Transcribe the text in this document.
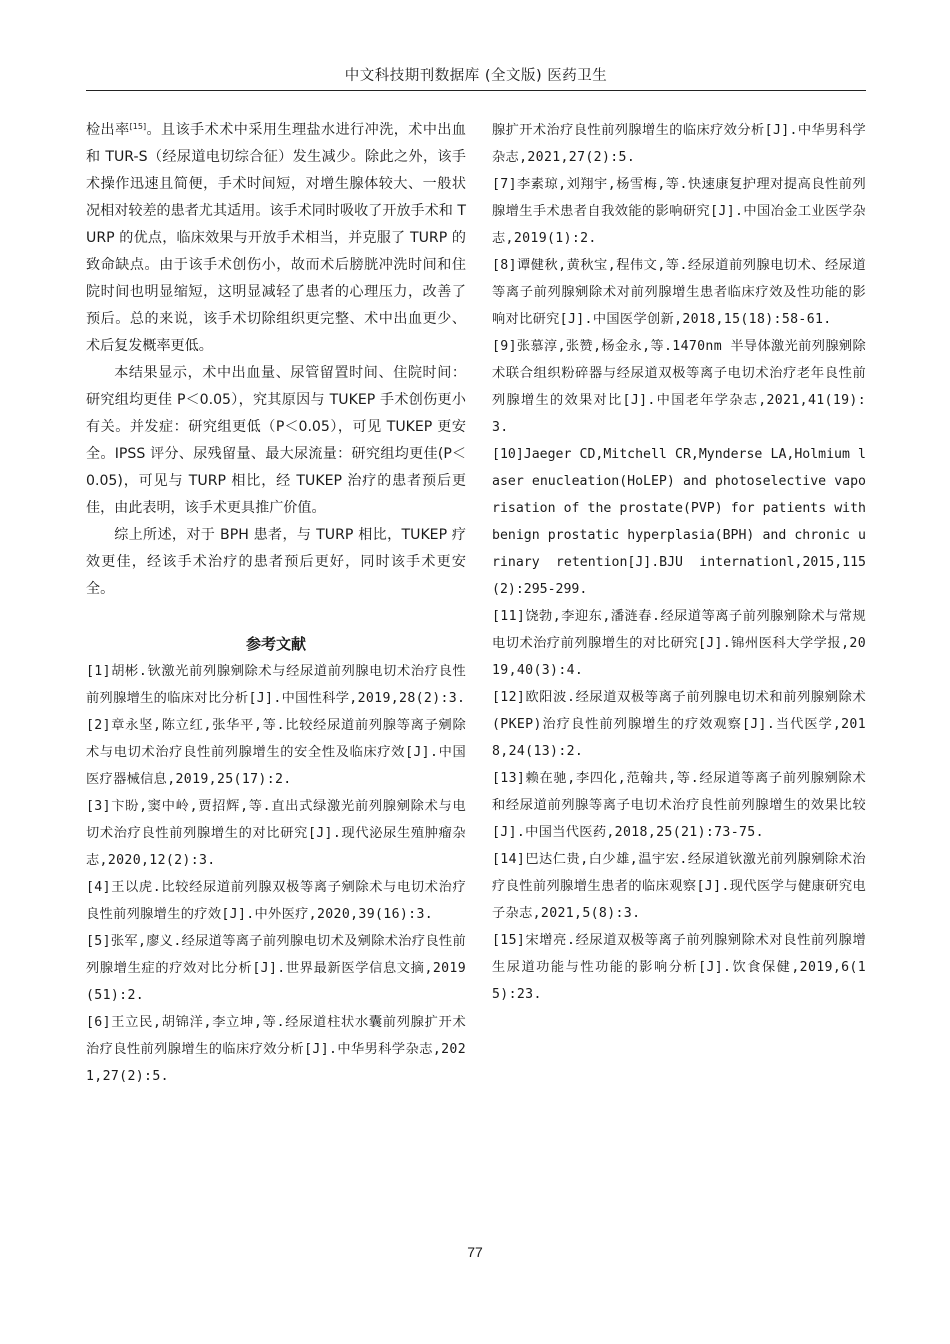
中文科技期刊数据库 (全文版) 医药卫生

检出率[15]。且该手术术中采用生理盐水进行冲洗，术中出血和 TUR-S（经尿道电切综合征）发生减少。除此之外，该手术操作迅速且简便，手术时间短，对增生腺体较大、一般状况相对较差的患者尤其适用。该手术同时吸收了开放手术和 TURP 的优点，临床效果与开放手术相当，并克服了 TURP 的致命缺点。由于该手术创伤小，故而术后膀胱冲洗时间和住院时间也明显缩短，这明显减轻了患者的心理压力，改善了预后。总的来说，该手术切除组织更完整、术中出血更少、术后复发概率更低。

本结果显示，术中出血量、尿管留置时间、住院时间：研究组均更佳 P＜0.05），究其原因与 TUKEP 手术创伤更小有关。并发症：研究组更低（P＜0.05），可见 TUKEP 更安全。IPSS 评分、尿残留量、最大尿流量：研究组均更佳(P＜0.05)，可见与 TURP 相比，经 TUKEP 治疗的患者预后更佳，由此表明，该手术更具推广价值。

综上所述，对于 BPH 患者，与 TURP 相比，TUKEP 疗效更佳，经该手术治疗的患者预后更好，同时该手术更安全。

参考文献

[1]胡彬.钬激光前列腺剜除术与经尿道前列腺电切术治疗良性前列腺增生的临床对比分析[J].中国性科学,2019,28(2):3.

[2]章永坚,陈立红,张华平,等.比较经尿道前列腺等离子剜除术与电切术治疗良性前列腺增生的安全性及临床疗效[J].中国医疗器械信息,2019,25(17):2.

[3]卞盼,窦中岭,贾招辉,等.直出式绿激光前列腺剜除术与电切术治疗良性前列腺增生的对比研究[J].现代泌尿生殖肿瘤杂志,2020,12(2):3.

[4]王以虎.比较经尿道前列腺双极等离子剜除术与电切术治疗良性前列腺增生的疗效[J].中外医疗,2020,39(16):3.

[5]张军,廖义.经尿道等离子前列腺电切术及剜除术治疗良性前列腺增生症的疗效对比分析[J].世界最新医学信息文摘,2019(51):2.

[6]王立民,胡锦洋,李立坤,等.经尿道柱状水囊前列腺扩开术治疗良性前列腺增生的临床疗效分析[J].中华男科学杂志,2021,27(2):5.

腺扩开术治疗良性前列腺增生的临床疗效分析[J].中华男科学杂志,2021,27(2):5.

[7]李素琼,刘翔宇,杨雪梅,等.快速康复护理对提高良性前列腺增生手术患者自我效能的影响研究[J].中国冶金工业医学杂志,2019(1):2.

[8]谭健秋,黄秋宝,程伟文,等.经尿道前列腺电切术、经尿道等离子前列腺剜除术对前列腺增生患者临床疗效及性功能的影响对比研究[J].中国医学创新,2018,15(18):58-61.

[9]张慕淳,张赞,杨金永,等.1470nm 半导体激光前列腺剜除术联合组织粉碎器与经尿道双极等离子电切术治疗老年良性前列腺增生的效果对比[J].中国老年学杂志,2021,41(19):3.

[10]Jaeger CD,Mitchell CR,Mynderse LA,Holmium laser enucleation(HoLEP) and photoselective vaporisation of the prostate(PVP) for patients with benign prostatic hyperplasia(BPH) and chronic urinary retention[J].BJU internationl,2015,115(2):295-299.

[11]饶勃,李迎东,潘涟春.经尿道等离子前列腺剜除术与常规电切术治疗前列腺增生的对比研究[J].锦州医科大学学报,2019,40(3):4.

[12]欧阳波.经尿道双极等离子前列腺电切术和前列腺剜除术(PKEP)治疗良性前列腺增生的疗效观察[J].当代医学,2018,24(13):2.

[13]赖在驰,李四化,范翰共,等.经尿道等离子前列腺剜除术和经尿道前列腺等离子电切术治疗良性前列腺增生的效果比较[J].中国当代医药,2018,25(21):73-75.

[14]巴达仁贵,白少雄,温宇宏.经尿道钬激光前列腺剜除术治疗良性前列腺增生患者的临床观察[J].现代医学与健康研究电子杂志,2021,5(8):3.

[15]宋增亮.经尿道双极等离子前列腺剜除术对良性前列腺增生尿道功能与性功能的影响分析[J].饮食保健,2019,6(15):23.

77
